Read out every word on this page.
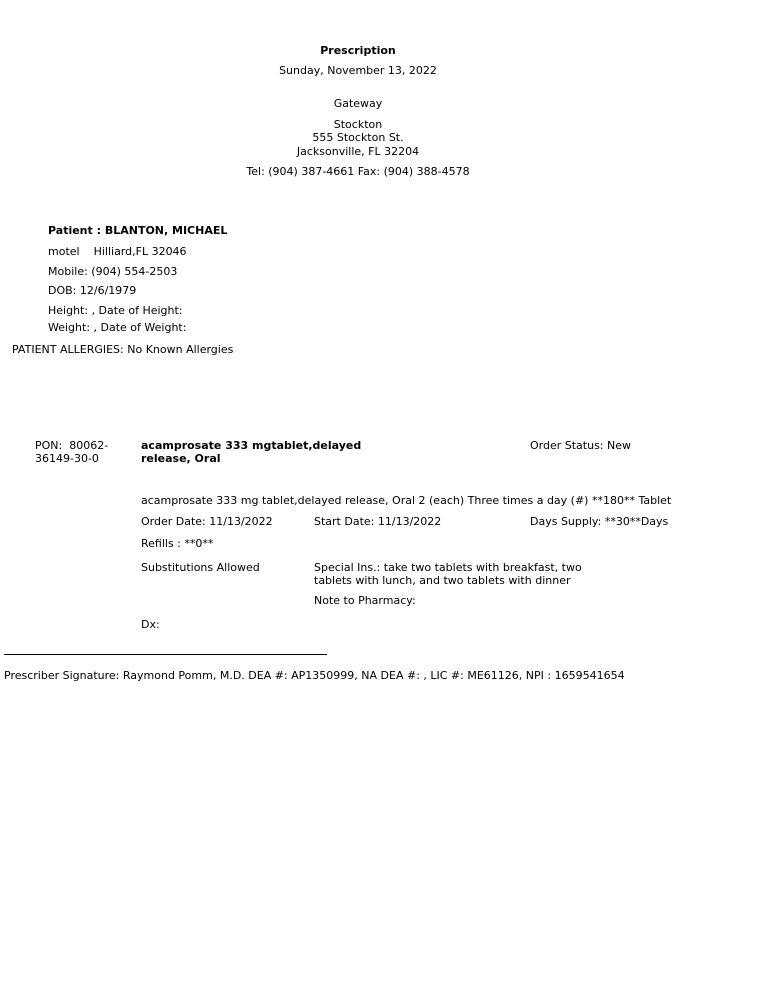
Prescription
Sunday, November 13, 2022
Gateway
Stockton
555 Stockton St.
Jacksonville, FL 32204
Tel: (904) 387-4661 Fax: (904) 388-4578
Patient : BLANTON, MICHAEL
motel    Hilliard,FL 32046
Mobile: (904) 554-2503
DOB: 12/6/1979
Height: , Date of Height:
Weight: , Date of Weight:
PATIENT ALLERGIES: No Known Allergies
PON:  80062-
36149-30-0
acamprosate 333 mgtablet,delayed
release, Oral
Order Status: New
acamprosate 333 mg tablet,delayed release, Oral 2 (each) Three times a day (#) **180** Tablet
Order Date: 11/13/2022	Start Date: 11/13/2022	Days Supply: **30**Days
Refills : **0**
Substitutions Allowed	Special Ins.: take two tablets with breakfast, two
tablets with lunch, and two tablets with dinner
Note to Pharmacy:
Dx:
Prescriber Signature: Raymond Pomm, M.D. DEA #: AP1350999, NA DEA #: , LIC #: ME61126, NPI : 1659541654
